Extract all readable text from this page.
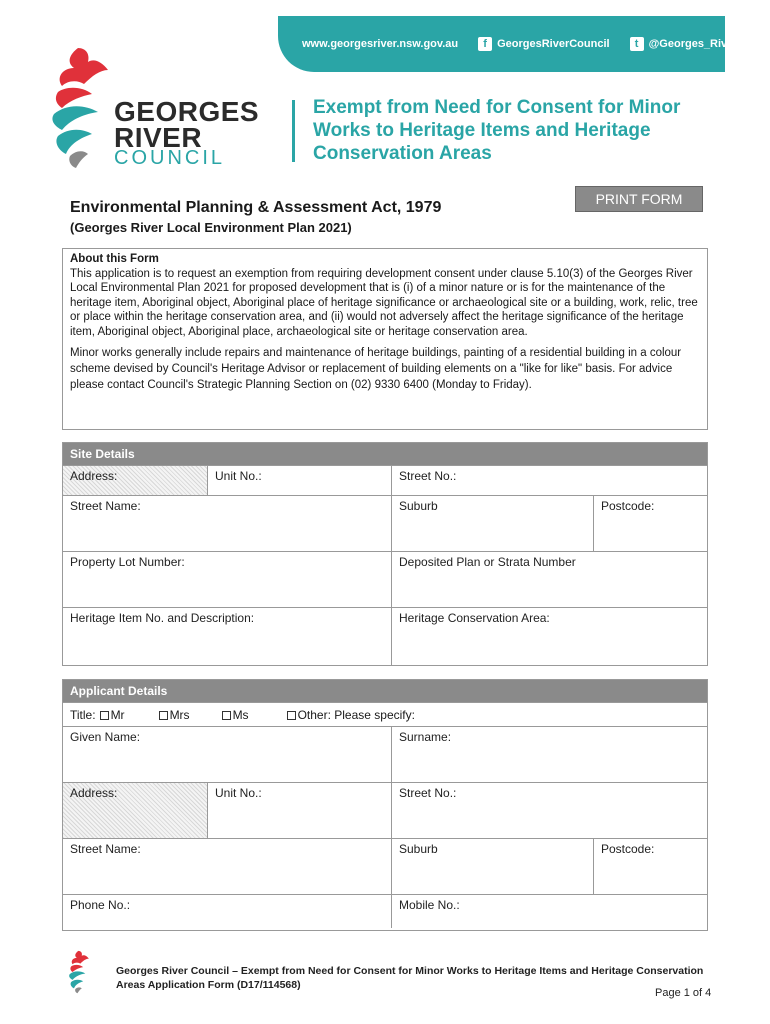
www.georgesriver.nsw.gov.au	f GeorgesRiverCouncil	t @Georges_River
GEORGES
RIVER
COUNCIL
Exempt from Need for Consent for Minor Works to Heritage Items and Heritage Conservation Areas
PRINT FORM
Environmental Planning & Assessment Act, 1979
(Georges River Local Environment Plan 2021)
About this Form

This application is to request an exemption from requiring development consent under clause 5.10(3) of the Georges River Local Environmental Plan 2021 for proposed development that is (i) of a minor nature or is for the maintenance of the heritage item, Aboriginal object, Aboriginal place of heritage significance or archaeological site or a building, work, relic, tree or place within the heritage conservation area, and (ii) would not adversely affect the heritage significance of the heritage item, Aboriginal object, Aboriginal place, archaeological site or heritage conservation area.

Minor works generally include repairs and maintenance of heritage buildings, painting of a residential building in a colour scheme devised by Council's Heritage Advisor or replacement of building elements on a "like for like" basis. For advice please contact Council's Strategic Planning Section on (02) 9330 6400 (Monday to Friday).

Site Details
Address:	Unit No.:	Street No.:
Street Name:	Suburb	Postcode:
Property Lot Number:	Deposited Plan or Strata Number
Heritage Item No. and Description:	Heritage Conservation Area:
Applicant Details
Title:	Mr	Mrs	Ms	Other: Please specify:
Given Name:	Surname:
Address:	Unit No.:	Street No.:
Street Name:	Suburb	Postcode:
Phone No.:	Mobile No.:
Georges River Council – Exempt from Need for Consent for Minor Works to Heritage Items and Heritage Conservation Areas Application Form (D17/114568)
Page 1 of 4
